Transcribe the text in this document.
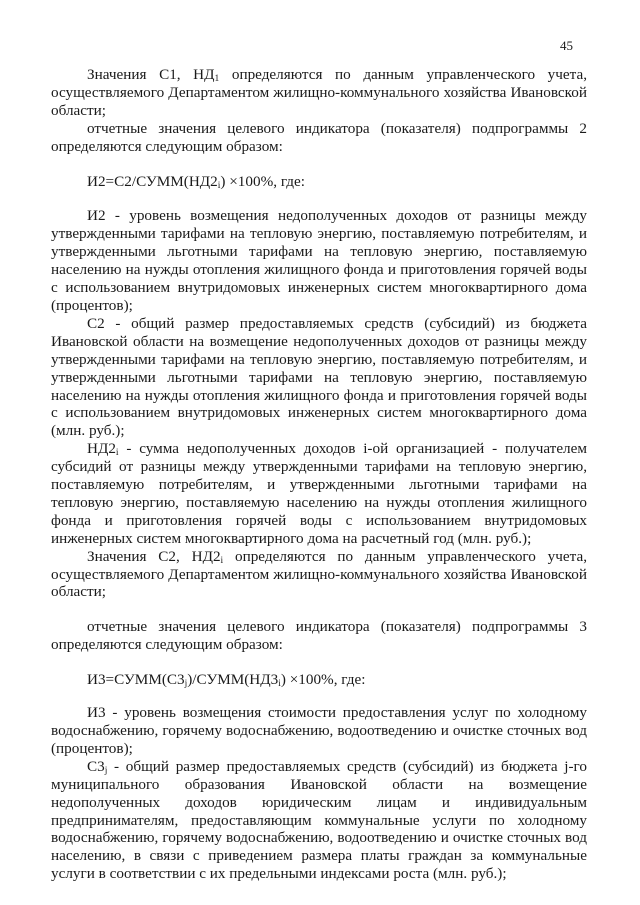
45

Значения С1, $НД_1$ определяются по данным управленческого учета, осуществляемого Департаментом жилищно-коммунального хозяйства Ивановской области;

отчетные значения целевого индикатора (показателя) подпрограммы 2 определяются следующим образом:

$И2=С2/СУММ(НД2_i) \times 100\%$, где:

И2 - уровень возмещения недополученных доходов от разницы между утвержденными тарифами на тепловую энергию, поставляемую потребителям, и утвержденными льготными тарифами на тепловую энергию, поставляемую населению на нужды отопления жилищного фонда и приготовления горячей воды с использованием внутридомовых инженерных систем многоквартирного дома (процентов);

С2 - общий размер предоставляемых средств (субсидий) из бюджета Ивановской области на возмещение недополученных доходов от разницы между утвержденными тарифами на тепловую энергию, поставляемую потребителям, и утвержденными льготными тарифами на тепловую энергию, поставляемую населению на нужды отопления жилищного фонда и приготовления горячей воды с использованием внутридомовых инженерных систем многоквартирного дома (млн. руб.);

$НД2_i$ - сумма недополученных доходов i-ой организацией - получателем субсидий от разницы между утвержденными тарифами на тепловую энергию, поставляемую потребителям, и утвержденными льготными тарифами на тепловую энергию, поставляемую населению на нужды отопления жилищного фонда и приготовления горячей воды с использованием внутридомовых инженерных систем многоквартирного дома на расчетный год (млн. руб.);

Значения С2, $НД2_i$ определяются по данным управленческого учета, осуществляемого Департаментом жилищно-коммунального хозяйства Ивановской области;

отчетные значения целевого индикатора (показателя) подпрограммы 3 определяются следующим образом:

$И3=СУММ(С3_j)/СУММ(НД3_i) \times 100\%$, где:

И3 - уровень возмещения стоимости предоставления услуг по холодному водоснабжению, горячему водоснабжению, водоотведению и очистке сточных вод (процентов);

$С3_j$ - общий размер предоставляемых средств (субсидий) из бюджета j-го муниципального образования Ивановской области на возмещение недополученных доходов юридическим лицам и индивидуальным предпринимателям, предоставляющим коммунальные услуги по холодному водоснабжению, горячему водоснабжению, водоотведению и очистке сточных вод населению, в связи с приведением размера платы граждан за коммунальные услуги в соответствии с их предельными индексами роста (млн. руб.);
